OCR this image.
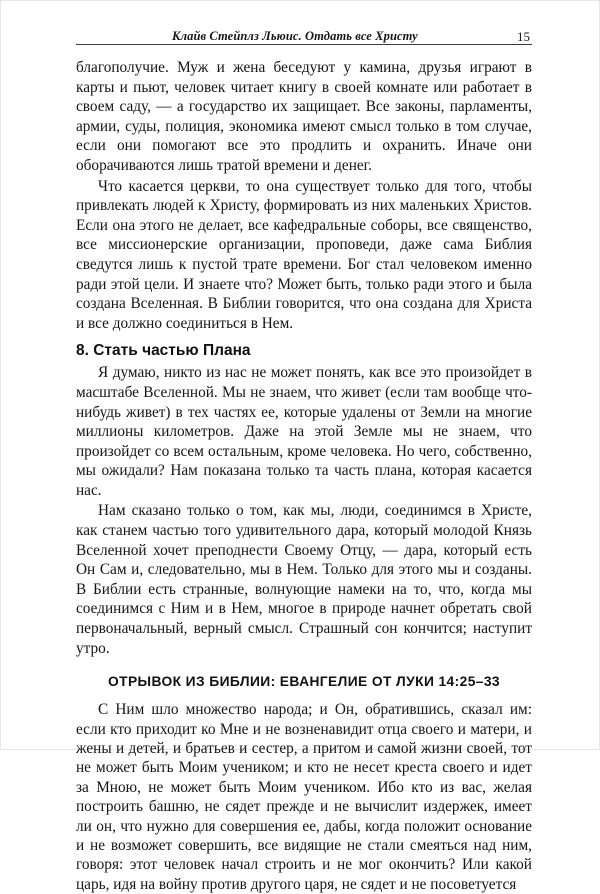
Клайв Стейплз Льюис. Отдать все Христу	15

благополучие. Муж и жена беседуют у камина, друзья играют в карты и пьют, человек читает книгу в своей комнате или работает в своем саду, — а государство их защищает. Все законы, парламенты, армии, суды, полиция, экономика имеют смысл только в том случае, если они помогают все это продлить и охранить. Иначе они оборачиваются лишь тратой времени и денег.

Что касается церкви, то она существует только для того, чтобы привлекать людей к Христу, формировать из них маленьких Христов. Если она этого не делает, все кафедральные соборы, все священство, все миссионерские организации, проповеди, даже сама Библия сведутся лишь к пустой трате времени. Бог стал человеком именно ради этой цели. И знаете что? Может быть, только ради этого и была создана Вселенная. В Библии говорится, что она создана для Христа и все должно соединиться в Нем.

8. Стать частью Плана

Я думаю, никто из нас не может понять, как все это произойдет в масштабе Вселенной. Мы не знаем, что живет (если там вообще что-нибудь живет) в тех частях ее, которые удалены от Земли на многие миллионы километров. Даже на этой Земле мы не знаем, что произойдет со всем остальным, кроме человека. Но чего, собственно, мы ожидали? Нам показана только та часть плана, которая касается нас.

Нам сказано только о том, как мы, люди, соединимся в Христе, как станем частью того удивительного дара, который молодой Князь Вселенной хочет преподнести Своему Отцу, — дара, который есть Он Сам и, следовательно, мы в Нем. Только для этого мы и созданы. В Библии есть странные, волнующие намеки на то, что, когда мы соединимся с Ним и в Нем, многое в природе начнет обретать свой первоначальный, верный смысл. Страшный сон кончится; наступит утро.

ОТРЫВОК ИЗ БИБЛИИ: ЕВАНГЕЛИЕ ОТ ЛУКИ 14:25–33

С Ним шло множество народа; и Он, обратившись, сказал им: если кто приходит ко Мне и не возненавидит отца своего и матери, и жены и детей, и братьев и сестер, а притом и самой жизни своей, тот не может быть Моим учеником; и кто не несет креста своего и идет за Мною, не может быть Моим учеником. Ибо кто из вас, желая построить башню, не сядет прежде и не вычислит издержек, имеет ли он, что нужно для совершения ее, дабы, когда положит основание и не возможет совершить, все видящие не стали смеяться над ним, говоря: этот человек начал строить и не мог окончить? Или какой царь, идя на войну против другого царя, не сядет и не посоветуется
